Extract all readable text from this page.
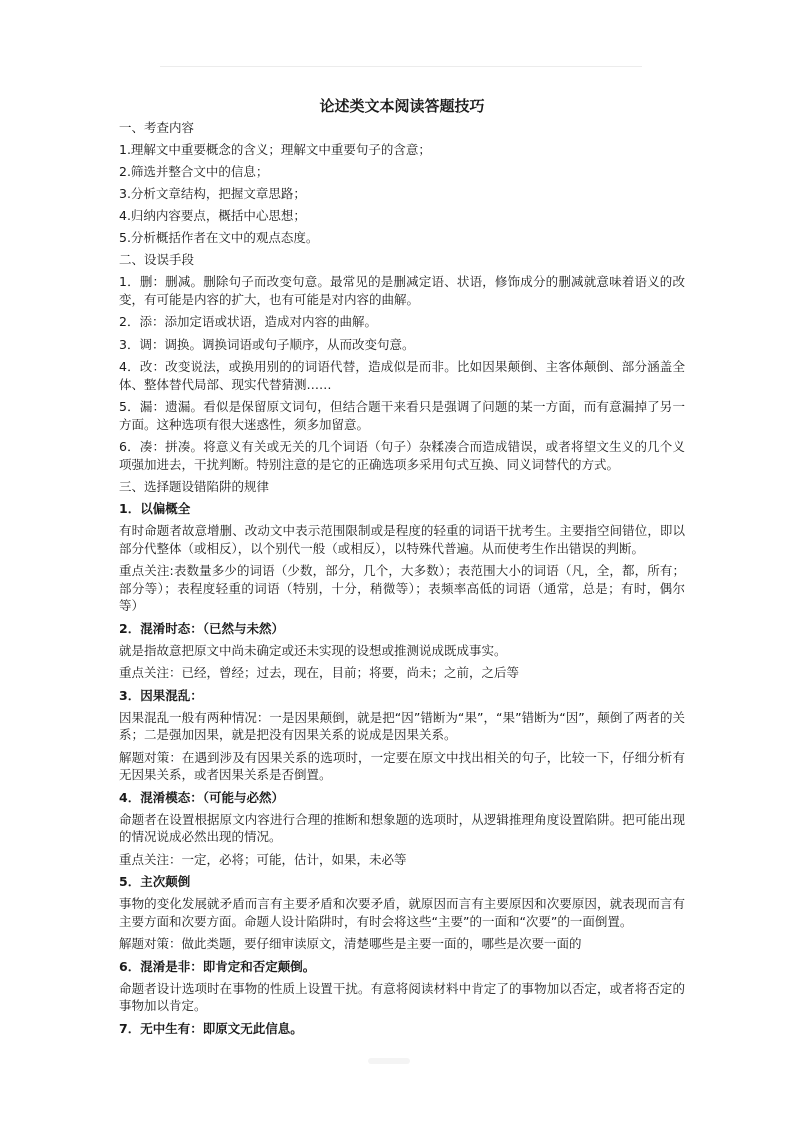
论述类文本阅读答题技巧
一、考查内容
1.理解文中重要概念的含义；理解文中重要句子的含意；
2.筛选并整合文中的信息；
3.分析文章结构，把握文章思路；
4.归纳内容要点，概括中心思想；
5.分析概括作者在文中的观点态度。
二、设误手段
1．删：删减。删除句子而改变句意。最常见的是删减定语、状语，修饰成分的删减就意味着语义的改变，有可能是内容的扩大，也有可能是对内容的曲解。
2．添：添加定语或状语，造成对内容的曲解。
3．调：调换。调换词语或句子顺序，从而改变句意。
4．改：改变说法，或换用别的的词语代替，造成似是而非。比如因果颠倒、主客体颠倒、部分涵盖全体、整体替代局部、现实代替猜测……
5．漏：遗漏。看似是保留原文词句，但结合题干来看只是强调了问题的某一方面，而有意漏掉了另一方面。这种选项有很大迷惑性，须多加留意。
6．凑：拼凑。将意义有关或无关的几个词语（句子）杂糅凑合而造成错误，或者将望文生义的几个义项强加进去，干扰判断。特别注意的是它的正确选项多采用句式互换、同义词替代的方式。
三、选择题设错陷阱的规律
1．以偏概全
有时命题者故意增删、改动文中表示范围限制或是程度的轻重的词语干扰考生。主要指空间错位，即以部分代整体（或相反），以个别代一般（或相反），以特殊代普遍。从而使考生作出错误的判断。
重点关注:表数量多少的词语（少数，部分，几个，大多数）；表范围大小的词语（凡，全，都，所有；部分等）；表程度轻重的词语（特别，十分，稍微等）；表频率高低的词语（通常，总是；有时，偶尔等）
2．混淆时态：（已然与未然）
就是指故意把原文中尚未确定或还未实现的设想或推测说成既成事实。
重点关注：已经，曾经；过去，现在，目前；将要，尚未；之前，之后等
3．因果混乱：
因果混乱一般有两种情况：一是因果颠倒，就是把“因”错断为“果”，“果”错断为“因”，颠倒了两者的关系；二是强加因果，就是把没有因果关系的说成是因果关系。
解题对策：在遇到涉及有因果关系的选项时，一定要在原文中找出相关的句子，比较一下，仔细分析有无因果关系，或者因果关系是否倒置。
4．混淆模态：（可能与必然）
命题者在设置根据原文内容进行合理的推断和想象题的选项时，从逻辑推理角度设置陷阱。把可能出现的情况说成必然出现的情况。
重点关注：一定，必将；可能，估计，如果，未必等
5．主次颠倒
事物的变化发展就矛盾而言有主要矛盾和次要矛盾，就原因而言有主要原因和次要原因，就表现而言有主要方面和次要方面。命题人设计陷阱时，有时会将这些“主要”的一面和“次要”的一面倒置。
解题对策：做此类题，要仔细审读原文，清楚哪些是主要一面的，哪些是次要一面的
6．混淆是非：即肯定和否定颠倒。
命题者设计选项时在事物的性质上设置干扰。有意将阅读材料中肯定了的事物加以否定，或者将否定的事物加以肯定。
7．无中生有：即原文无此信息。
